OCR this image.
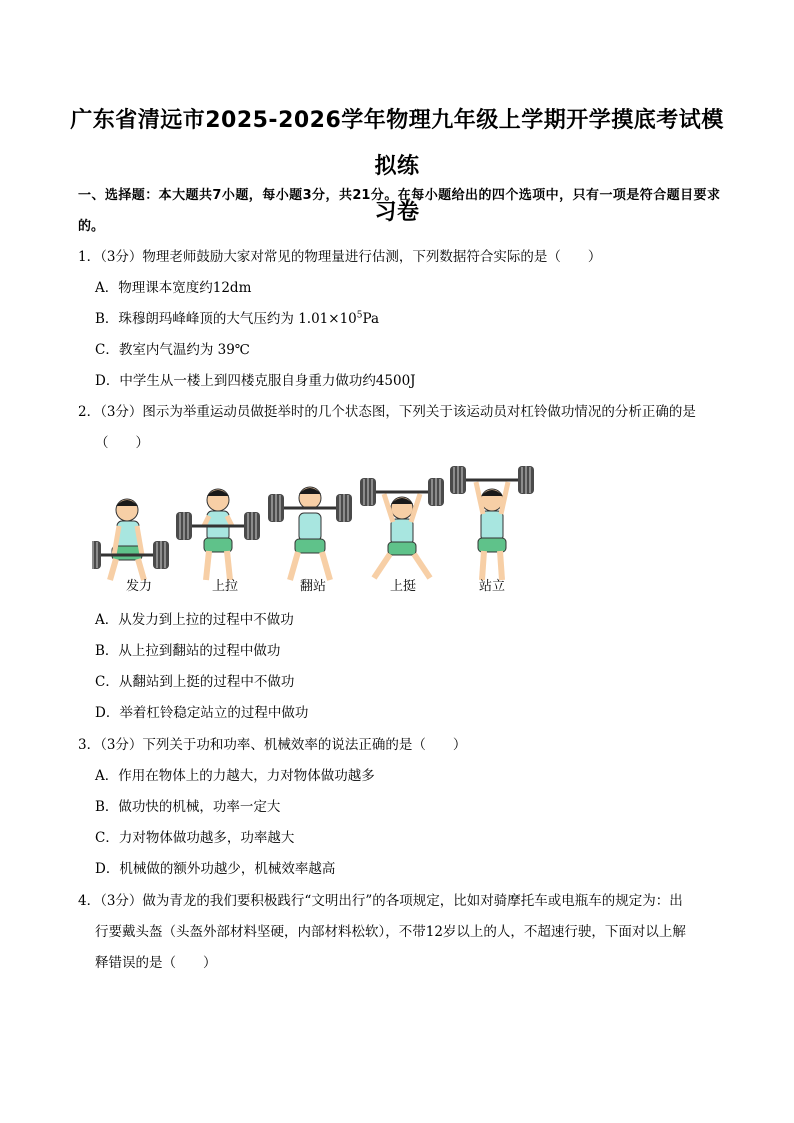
广东省清远市2025-2026学年物理九年级上学期开学摸底考试模拟练
习卷
一、选择题：本大题共7小题，每小题3分，共21分。在每小题给出的四个选项中，只有一项是符合题目要求的。
1．（3分）物理老师鼓励大家对常见的物理量进行估测，下列数据符合实际的是（　　）
A．物理课本宽度约12dm
B．珠穆朗玛峰峰顶的大气压约为 $1.01\times 10^5Pa$
C．教室内气温约为 39℃
D．中学生从一楼上到四楼克服自身重力做功约4500J
2．（3分）图示为举重运动员做挺举时的几个状态图，下列关于该运动员对杠铃做功情况的分析正确的是
（　　）
发力	上拉	翻站	上挺	站立
A．从发力到上拉的过程中不做功
B．从上拉到翻站的过程中做功
C．从翻站到上挺的过程中不做功
D．举着杠铃稳定站立的过程中做功
3．（3分）下列关于功和功率、机械效率的说法正确的是（　　）
A．作用在物体上的力越大，力对物体做功越多
B．做功快的机械，功率一定大
C．力对物体做功越多，功率越大
D．机械做的额外功越少，机械效率越高
4．（3分）做为青龙的我们要积极践行“文明出行”的各项规定，比如对骑摩托车或电瓶车的规定为：出
行要戴头盔（头盔外部材料坚硬，内部材料松软），不带12岁以上的人，不超速行驶，下面对以上解
释错误的是（　　）
